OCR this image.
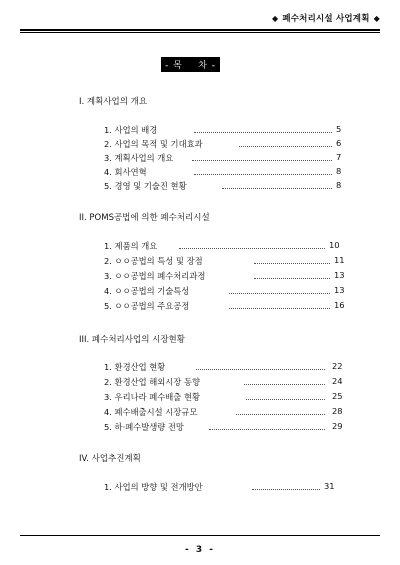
◆ 폐수처리시설 사업계획 ◆
- 목    차 -
I. 계획사업의 개요
1. 사업의 배경	5
2. 사업의 목적 및 기대효과	6
3. 계획사업의 개요	7
4. 회사연혁	8
5. 경영 및 기술진 현황	8
II. POMS공법에 의한 폐수처리시설
1. 제품의 개요	10
2. ㅇㅇ공법의 특성 및 장점	11
3. ㅇㅇ공법의 폐수처리과정	13
4. ㅇㅇ공법의 기술특성	13
5. ㅇㅇ공법의 주요공정	16
III. 폐수처리사업의 시장현황
1. 환경산업 현황	22
2. 환경산업 해외시장 동향	24
3. 우리나라 폐수배출 현황	25
4. 폐수배출시설 시장규모	28
5. 하·폐수발생량 전망	29
IV. 사업추진계획
1. 사업의 방향 및 전개방안	31
- 3 -
